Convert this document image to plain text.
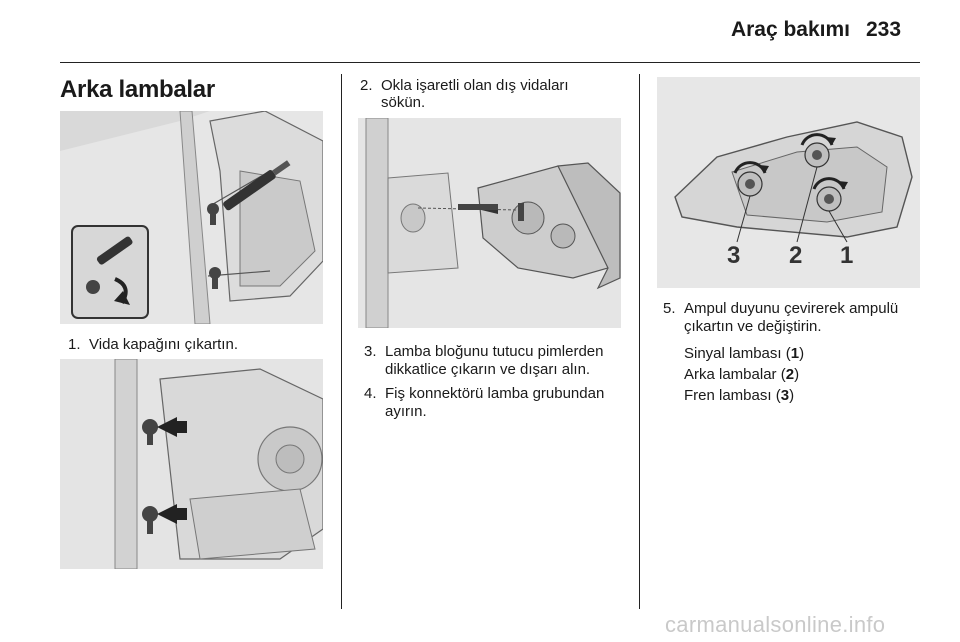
Araç bakımı 233
Arka lambalar
1. Vida kapağını çıkartın.
2. Okla işaretli olan dış vidaları
sökün.
3. Lamba bloğunu tutucu pimlerden
dikkatlice çıkarın ve dışarı alın.
4. Fiş konnektörü lamba grubundan
ayırın.
3 2 1
5. Ampul duyunu çevirerek ampulü
çıkartın ve değiştirin.
Sinyal lambası (1)
Arka lambalar (2)
Fren lambası (3)
carmanualsonline.info
